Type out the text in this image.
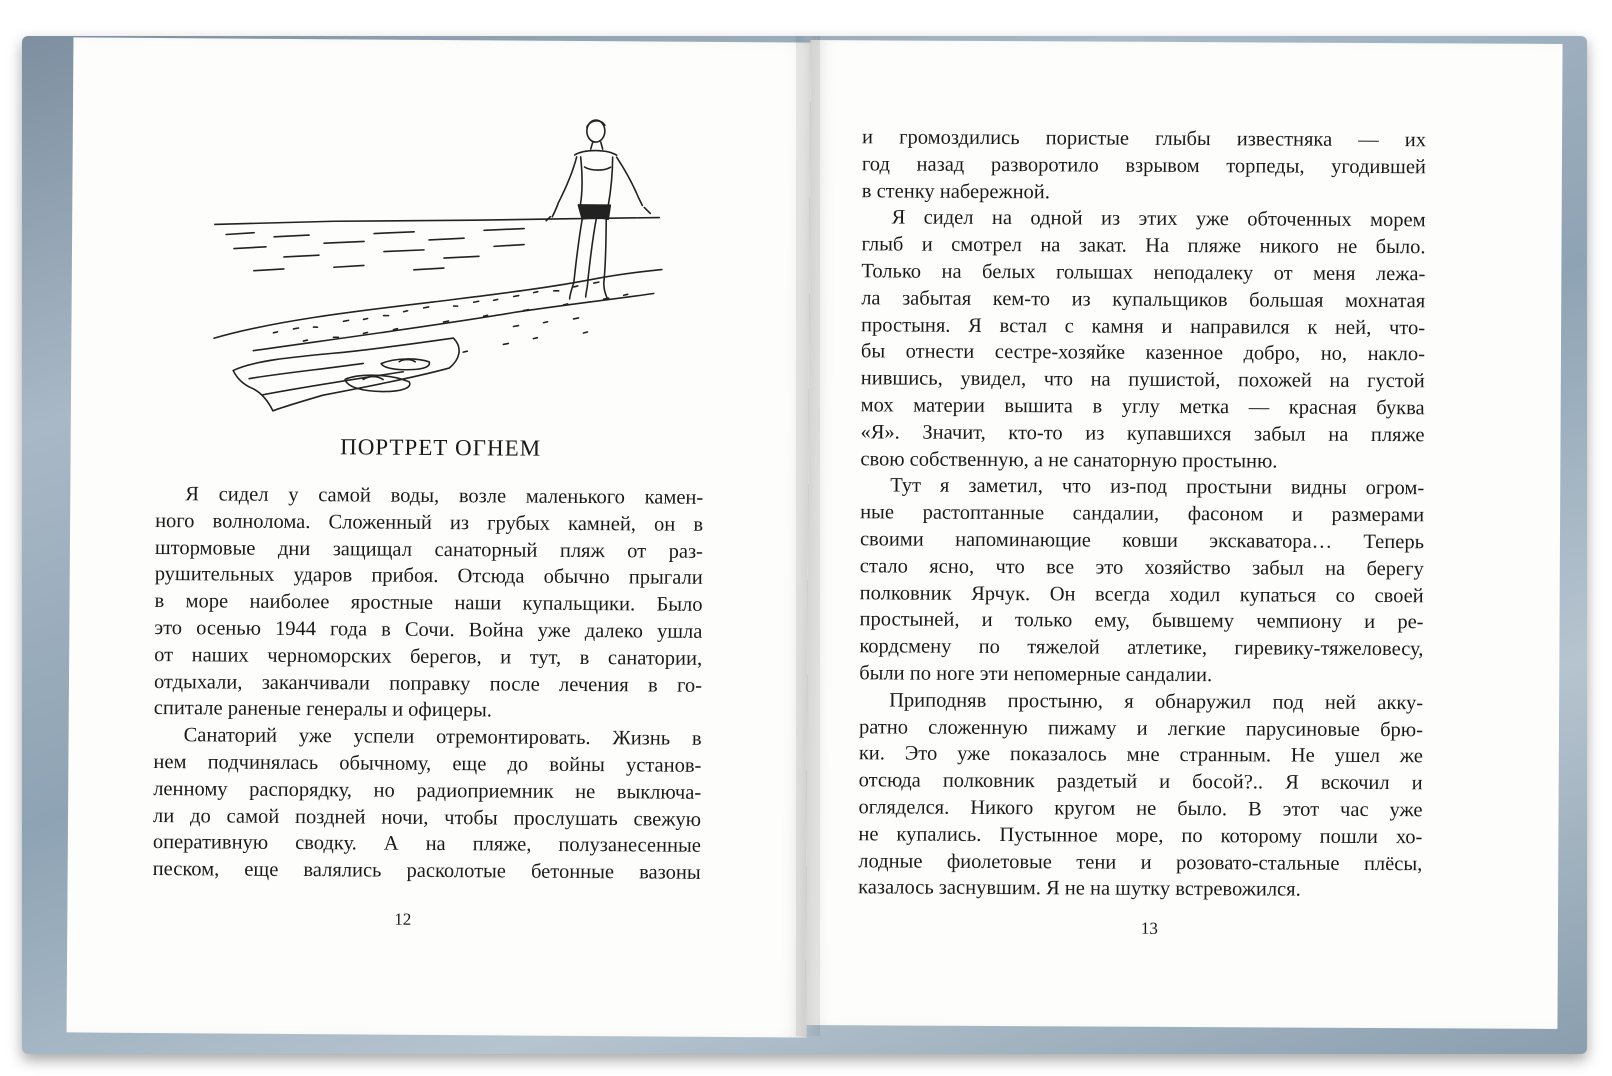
ПОРТРЕТ ОГНЕМ
Я сидел у самой воды, возле маленького камен-
ного волнолома. Сложенный из грубых камней, он в
штормовые дни защищал санаторный пляж от раз-
рушительных ударов прибоя. Отсюда обычно прыгали
в море наиболее яростные наши купальщики. Было
это осенью 1944 года в Сочи. Война уже далеко ушла
от наших черноморских берегов, и тут, в санатории,
отдыхали, заканчивали поправку после лечения в го-
спитале раненые генералы и офицеры.
Санаторий уже успели отремонтировать. Жизнь в
нем подчинялась обычному, еще до войны установ-
ленному распорядку, но радиоприемник не выключа-
ли до самой поздней ночи, чтобы прослушать свежую
оперативную сводку. А на пляже, полузанесенные
песком, еще валялись расколотые бетонные вазоны
12
и громоздились пористые глыбы известняка — их
год назад разворотило взрывом торпеды, угодившей
в стенку набережной.
Я сидел на одной из этих уже обточенных морем
глыб и смотрел на закат. На пляже никого не было.
Только на белых голышах неподалеку от меня лежа-
ла забытая кем-то из купальщиков большая мохнатая
простыня. Я встал с камня и направился к ней, что-
бы отнести сестре-хозяйке казенное добро, но, накло-
нившись, увидел, что на пушистой, похожей на густой
мох материи вышита в углу метка — красная буква
«Я». Значит, кто-то из купавшихся забыл на пляже
свою собственную, а не санаторную простыню.
Тут я заметил, что из-под простыни видны огром-
ные растоптанные сандалии, фасоном и размерами
своими напоминающие ковши экскаватора… Теперь
стало ясно, что все это хозяйство забыл на берегу
полковник Ярчук. Он всегда ходил купаться со своей
простыней, и только ему, бывшему чемпиону и ре-
кордсмену по тяжелой атлетике, гиревику-тяжеловесу,
были по ноге эти непомерные сандалии.
Приподняв простыню, я обнаружил под ней акку-
ратно сложенную пижаму и легкие парусиновые брю-
ки. Это уже показалось мне странным. Не ушел же
отсюда полковник раздетый и босой?.. Я вскочил и
огляделся. Никого кругом не было. В этот час уже
не купались. Пустынное море, по которому пошли хо-
лодные фиолетовые тени и розовато-стальные плёсы,
казалось заснувшим. Я не на шутку встревожился.
13
